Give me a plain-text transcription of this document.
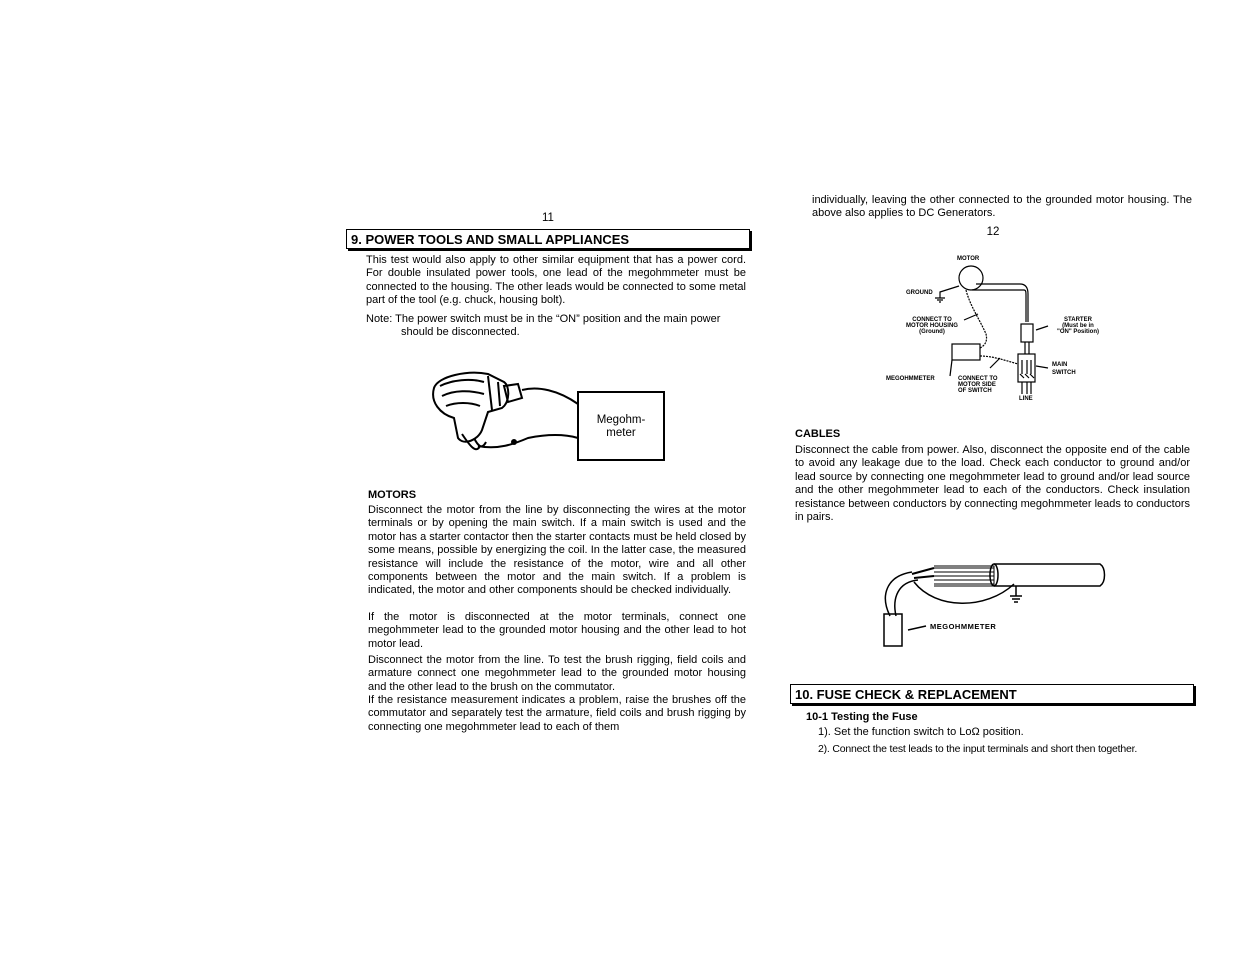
11
9. POWER TOOLS AND SMALL APPLIANCES

This test would also apply to other similar equipment that has a power cord. For double insulated power tools, one lead of the megohmmeter must be connected to the housing. The other leads would be connected to some metal part of the tool (e.g. chuck, housing bolt).

Note: The power switch must be in the “ON” position and the main power

should be disconnected.

Megohm-
meter
MOTORS

Disconnect the motor from the line by disconnecting the wires at the motor terminals or by opening the main switch. If a main switch is used and the motor has a starter contactor then the starter contacts must be held closed by some means, possible by energizing the coil. In the latter case, the measured resistance will include the resistance of the motor, wire and all other components between the motor and the main switch. If a problem is indicated, the motor and other components should be checked individually.

If the motor is disconnected at the motor terminals, connect one megohmmeter lead to the grounded motor housing and the other lead to hot motor lead.

Disconnect the motor from the line. To test the brush rigging, field coils and armature connect one megohmmeter lead to the grounded motor housing and the other lead to the brush on the commutator.

If the resistance measurement indicates a problem, raise the brushes off the commutator and separately test the armature, field coils and brush rigging by connecting one megohmmeter lead to each of them

individually, leaving the other connected to the grounded motor housing. The above also applies to DC Generators.

12
MOTOR
GROUND
CONNECT TO
MOTOR HOUSING
(Ground)
STARTER
(Must be in
"ON" Position)
MAIN
SWITCH
MEGOHMMETER	CONNECT TO
MOTOR SIDE
OF SWITCH
LINE
CABLES

Disconnect the cable from power. Also, disconnect the opposite end of the cable to avoid any leakage due to the load. Check each conductor to ground and/or lead source by connecting one megohmmeter lead to ground and/or lead source and the other megohmmeter lead to each of the conductors. Check insulation resistance between conductors by connecting megohmmeter leads to conductors in pairs.

MEGOHMMETER
10. FUSE CHECK & REPLACEMENT
10-1 Testing the Fuse

1). Set the function switch to LoΩ position.

2). Connect the test leads to the input terminals and short then together.
